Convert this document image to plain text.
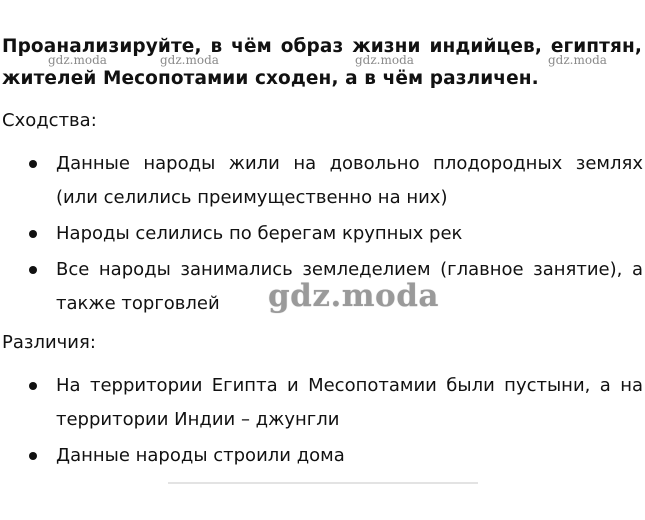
Проанализируйте, в чём образ жизни индийцев, египтян, жителей Месопотамии сходен, а в чём различен.
gdz.moda	gdz.moda	gdz.moda	gdz.moda
Сходства:
Данные народы жили на довольно плодородных землях (или селились преимущественно на них)
Народы селились по берегам крупных рек
Все народы занимались земледелием (главное занятие), а также торговлей	gdz.moda
Различия:
На территории Египта и Месопотамии были пустыни, а на территории Индии – джунгли
Данные народы строили дома
